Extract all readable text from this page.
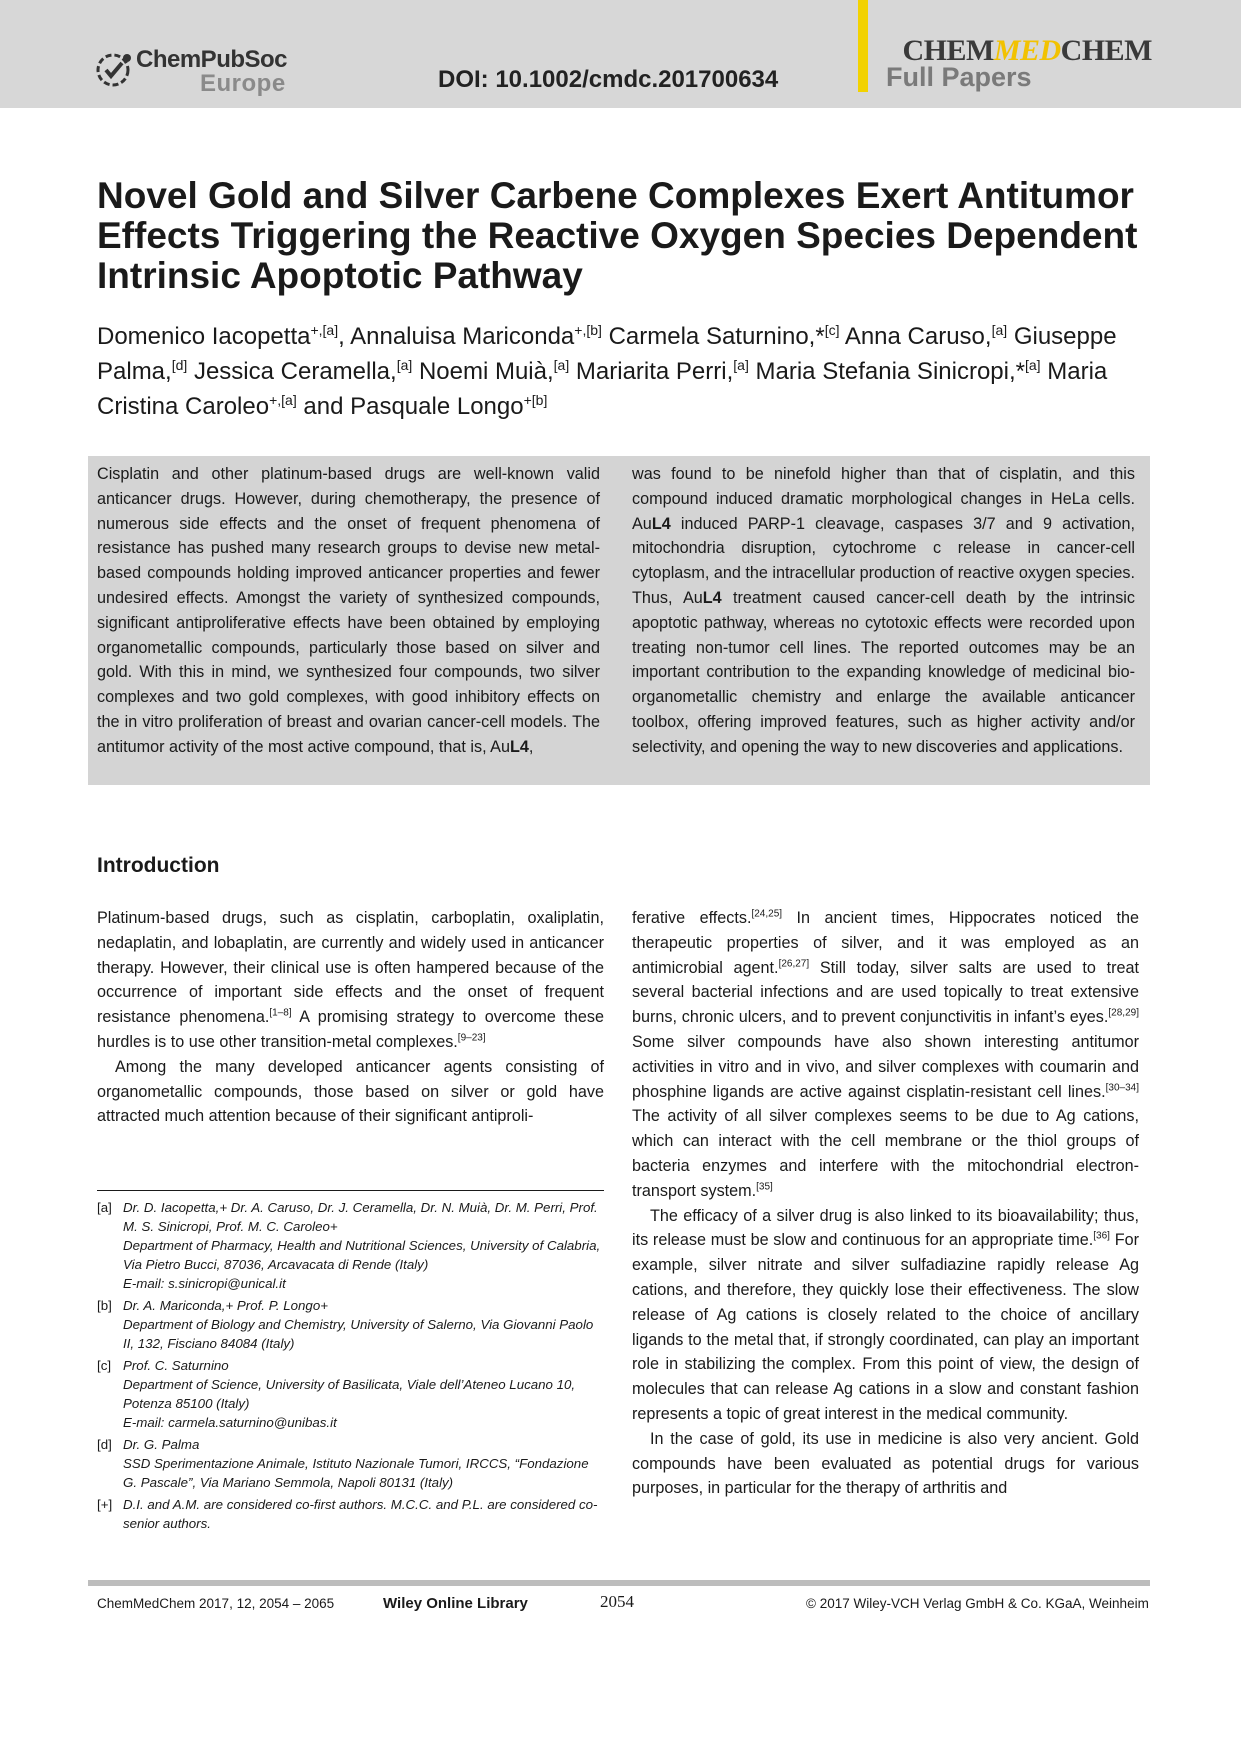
ChemPubSoc
Europe	DOI: 10.1002/cmdc.201700634
CHEMMEDCHEM
Full Papers
Novel Gold and Silver Carbene Complexes Exert Antitumor Effects Triggering the Reactive Oxygen Species Dependent Intrinsic Apoptotic Pathway
Domenico Iacopetta$^{+,[a]}$, Annaluisa Mariconda$^{+,[b]}$ Carmela Saturnino,*[c] Anna Caruso,[a] Giuseppe Palma,[d] Jessica Ceramella,[a] Noemi Muià,[a] Mariarita Perri,[a] Maria Stefania Sinicropi,*[a] Maria Cristina Caroleo$^{+,[a]}$ and Pasquale Longo$^{+[b]}$
Cisplatin and other platinum-based drugs are well-known valid anticancer drugs. However, during chemotherapy, the presence of numerous side effects and the onset of frequent phenomena of resistance has pushed many research groups to devise new metal-based compounds holding improved anticancer properties and fewer undesired effects. Amongst the variety of synthesized compounds, significant antiproliferative effects have been obtained by employing organometallic compounds, particularly those based on silver and gold. With this in mind, we synthesized four compounds, two silver complexes and two gold complexes, with good inhibitory effects on the in vitro proliferation of breast and ovarian cancer-cell models. The antitumor activity of the most active compound, that is, AuL4,
was found to be ninefold higher than that of cisplatin, and this compound induced dramatic morphological changes in HeLa cells. AuL4 induced PARP-1 cleavage, caspases 3/7 and 9 activation, mitochondria disruption, cytochrome c release in cancer-cell cytoplasm, and the intracellular production of reactive oxygen species. Thus, AuL4 treatment caused cancer-cell death by the intrinsic apoptotic pathway, whereas no cytotoxic effects were recorded upon treating non-tumor cell lines. The reported outcomes may be an important contribution to the expanding knowledge of medicinal bio-organometallic chemistry and enlarge the available anticancer toolbox, offering improved features, such as higher activity and/or selectivity, and opening the way to new discoveries and applications.
Introduction

Platinum-based drugs, such as cisplatin, carboplatin, oxaliplatin, nedaplatin, and lobaplatin, are currently and widely used in anticancer therapy. However, their clinical use is often hampered because of the occurrence of important side effects and the onset of frequent resistance phenomena.[1–8] A promising strategy to overcome these hurdles is to use other transition-metal complexes.[9–23]

Among the many developed anticancer agents consisting of organometallic compounds, those based on silver or gold have attracted much attention because of their significant antiproli-

ferative effects.[24,25] In ancient times, Hippocrates noticed the therapeutic properties of silver, and it was employed as an antimicrobial agent.[26,27] Still today, silver salts are used to treat several bacterial infections and are used topically to treat extensive burns, chronic ulcers, and to prevent conjunctivitis in infant’s eyes.[28,29] Some silver compounds have also shown interesting antitumor activities in vitro and in vivo, and silver complexes with coumarin and phosphine ligands are active against cisplatin-resistant cell lines.[30–34] The activity of all silver complexes seems to be due to Ag cations, which can interact with the cell membrane or the thiol groups of bacteria enzymes and interfere with the mitochondrial electron-transport system.[35]

The efficacy of a silver drug is also linked to its bioavailability; thus, its release must be slow and continuous for an appropriate time.[36] For example, silver nitrate and silver sulfadiazine rapidly release Ag cations, and therefore, they quickly lose their effectiveness. The slow release of Ag cations is closely related to the choice of ancillary ligands to the metal that, if strongly coordinated, can play an important role in stabilizing the complex. From this point of view, the design of molecules that can release Ag cations in a slow and constant fashion represents a topic of great interest in the medical community.

In the case of gold, its use in medicine is also very ancient. Gold compounds have been evaluated as potential drugs for various purposes, in particular for the therapy of arthritis and

[a] Dr. D. Iacopetta,+ Dr. A. Caruso, Dr. J. Ceramella, Dr. N. Muià, Dr. M. Perri, Prof. M. S. Sinicropi, Prof. M. C. Caroleo+
Department of Pharmacy, Health and Nutritional Sciences, University of Calabria, Via Pietro Bucci, 87036, Arcavacata di Rende (Italy)
E-mail: s.sinicropi@unical.it
[b] Dr. A. Mariconda,+ Prof. P. Longo+
Department of Biology and Chemistry, University of Salerno, Via Giovanni Paolo II, 132, Fisciano 84084 (Italy)
[c] Prof. C. Saturnino
Department of Science, University of Basilicata, Viale dell’Ateneo Lucano 10, Potenza 85100 (Italy)
E-mail: carmela.saturnino@unibas.it
[d] Dr. G. Palma
SSD Sperimentazione Animale, Istituto Nazionale Tumori, IRCCS, “Fondazione G. Pascale”, Via Mariano Semmola, Napoli 80131 (Italy)
[+] D.I. and A.M. are considered co-first authors. M.C.C. and P.L. are considered co-senior authors.
ChemMedChem 2017, 12, 2054 – 2065	Wiley Online Library	2054	© 2017 Wiley-VCH Verlag GmbH & Co. KGaA, Weinheim
